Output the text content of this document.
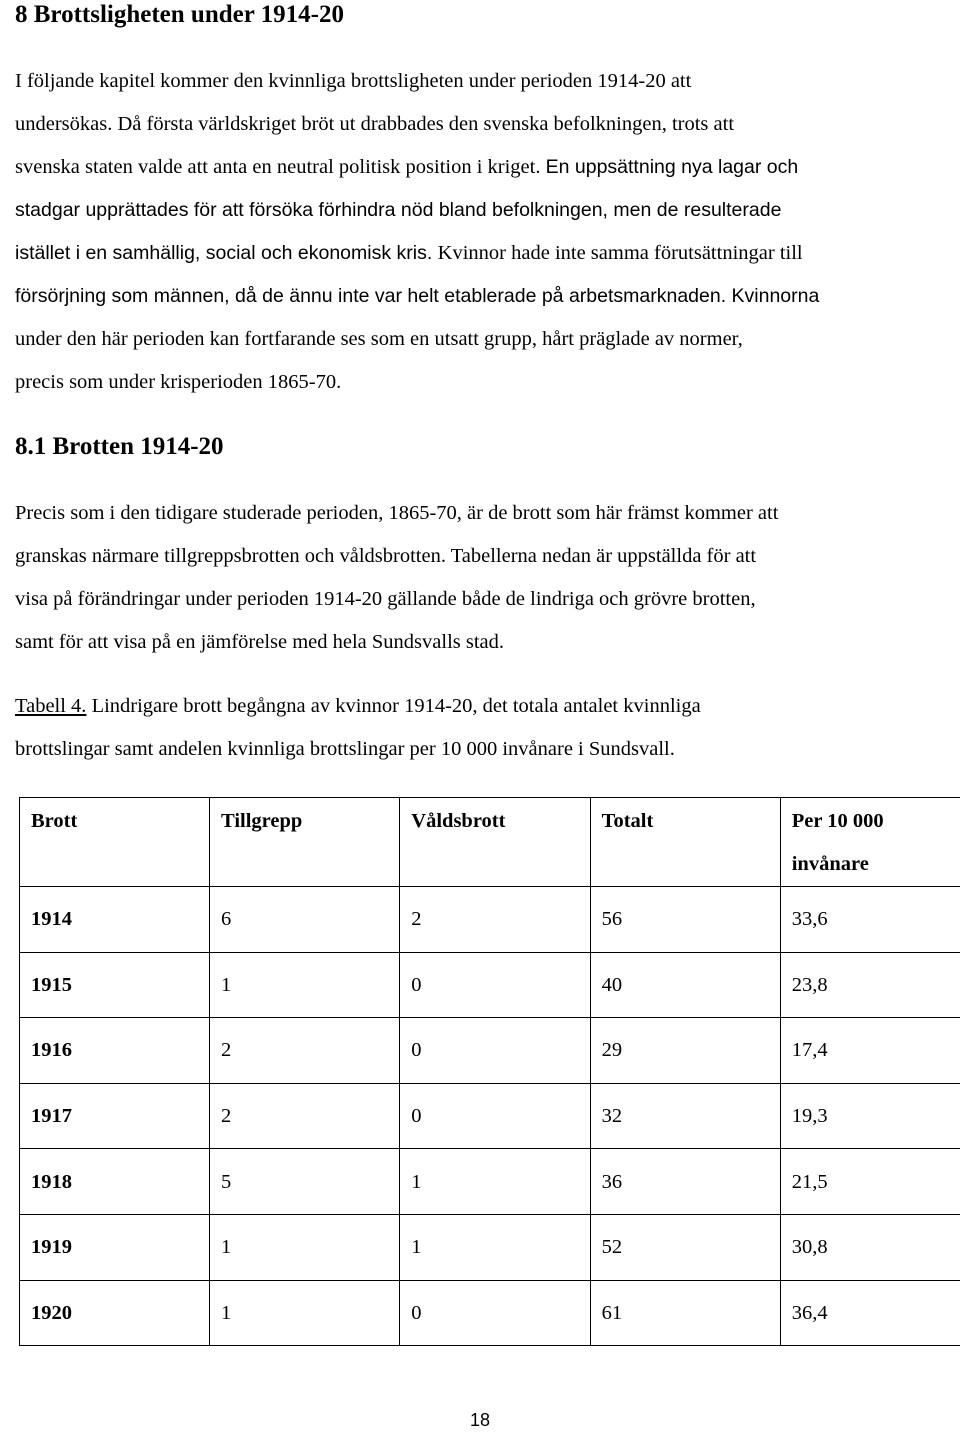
8 Brottsligheten under 1914-20
I följande kapitel kommer den kvinnliga brottsligheten under perioden 1914-20 att
undersökas. Då första världskriget bröt ut drabbades den svenska befolkningen, trots att
svenska staten valde att anta en neutral politisk position i kriget. En uppsättning nya lagar och
stadgar upprättades för att försöka förhindra nöd bland befolkningen, men de resulterade
istället i en samhällig, social och ekonomisk kris. Kvinnor hade inte samma förutsättningar till
försörjning som männen, då de ännu inte var helt etablerade på arbetsmarknaden. Kvinnorna
under den här perioden kan fortfarande ses som en utsatt grupp, hårt präglade av normer,
precis som under krisperioden 1865-70.
8.1 Brotten 1914-20
Precis som i den tidigare studerade perioden, 1865-70, är de brott som här främst kommer att
granskas närmare tillgreppsbrotten och våldsbrotten. Tabellerna nedan är uppställda för att
visa på förändringar under perioden 1914-20 gällande både de lindriga och grövre brotten,
samt för att visa på en jämförelse med hela Sundsvalls stad.
Tabell 4. Lindrigare brott begångna av kvinnor 1914-20, det totala antalet kvinnliga
brottslingar samt andelen kvinnliga brottslingar per 10 000 invånare i Sundsvall.
Brott	Tillgrepp	Våldsbrott	Totalt	Per 10 000
invånare
1914	6	2	56	33,6
1915	1	0	40	23,8
1916	2	0	29	17,4
1917	2	0	32	19,3
1918	5	1	36	21,5
1919	1	1	52	30,8
1920	1	0	61	36,4
18
